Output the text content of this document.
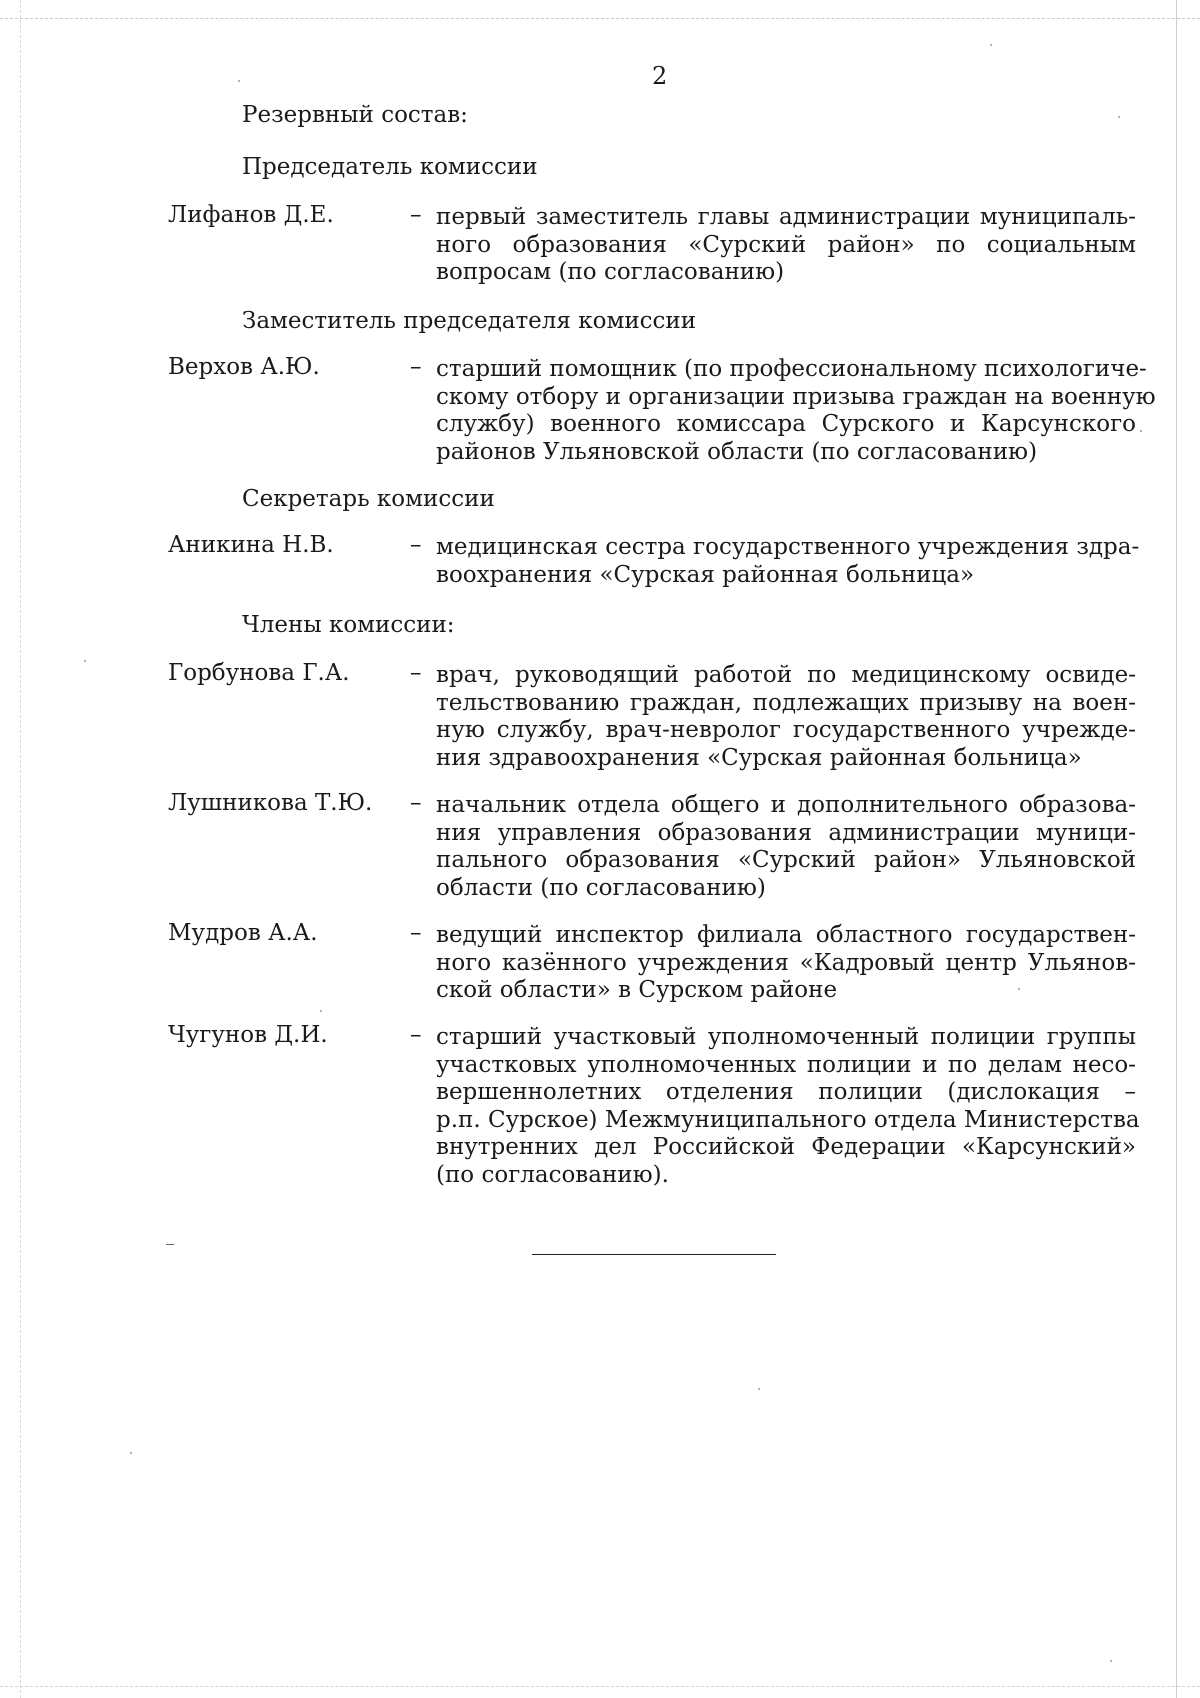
2
Резервный состав:
Председатель комиссии
Заместитель председателя комиссии
Секретарь комиссии
Члены комиссии:
Лифанов Д.Е.	– первый заместитель главы администрации муниципаль-
ного образования «Сурский район» по социальным
вопросам (по согласованию)
Верхов А.Ю.	– старший помощник (по профессиональному психологиче-
скому отбору и организации призыва граждан на военную
службу) военного комиссара Сурского и Карсунского
районов Ульяновской области (по согласованию)
Аникина Н.В.	– медицинская сестра государственного учреждения здра-
воохранения «Сурская районная больница»
Горбунова Г.А.	– врач, руководящий работой по медицинскому освиде-
тельствованию граждан, подлежащих призыву на воен-
ную службу, врач-невролог государственного учрежде-
ния здравоохранения «Сурская районная больница»
Лушникова Т.Ю. – начальник отдела общего и дополнительного образова-
ния управления образования администрации муници-
пального образования «Сурский район» Ульяновской
области (по согласованию)
Мудров А.А.	– ведущий инспектор филиала областного государствен-
ного казённого учреждения «Кадровый центр Ульянов-
ской области» в Сурском районе
Чугунов Д.И.	– старший участковый уполномоченный полиции группы
участковых уполномоченных полиции и по делам несо-
вершеннолетних отделения полиции (дислокация –
р.п. Сурское) Межмуниципального отдела Министерства
внутренних дел Российской Федерации «Карсунский»
(по согласованию).
